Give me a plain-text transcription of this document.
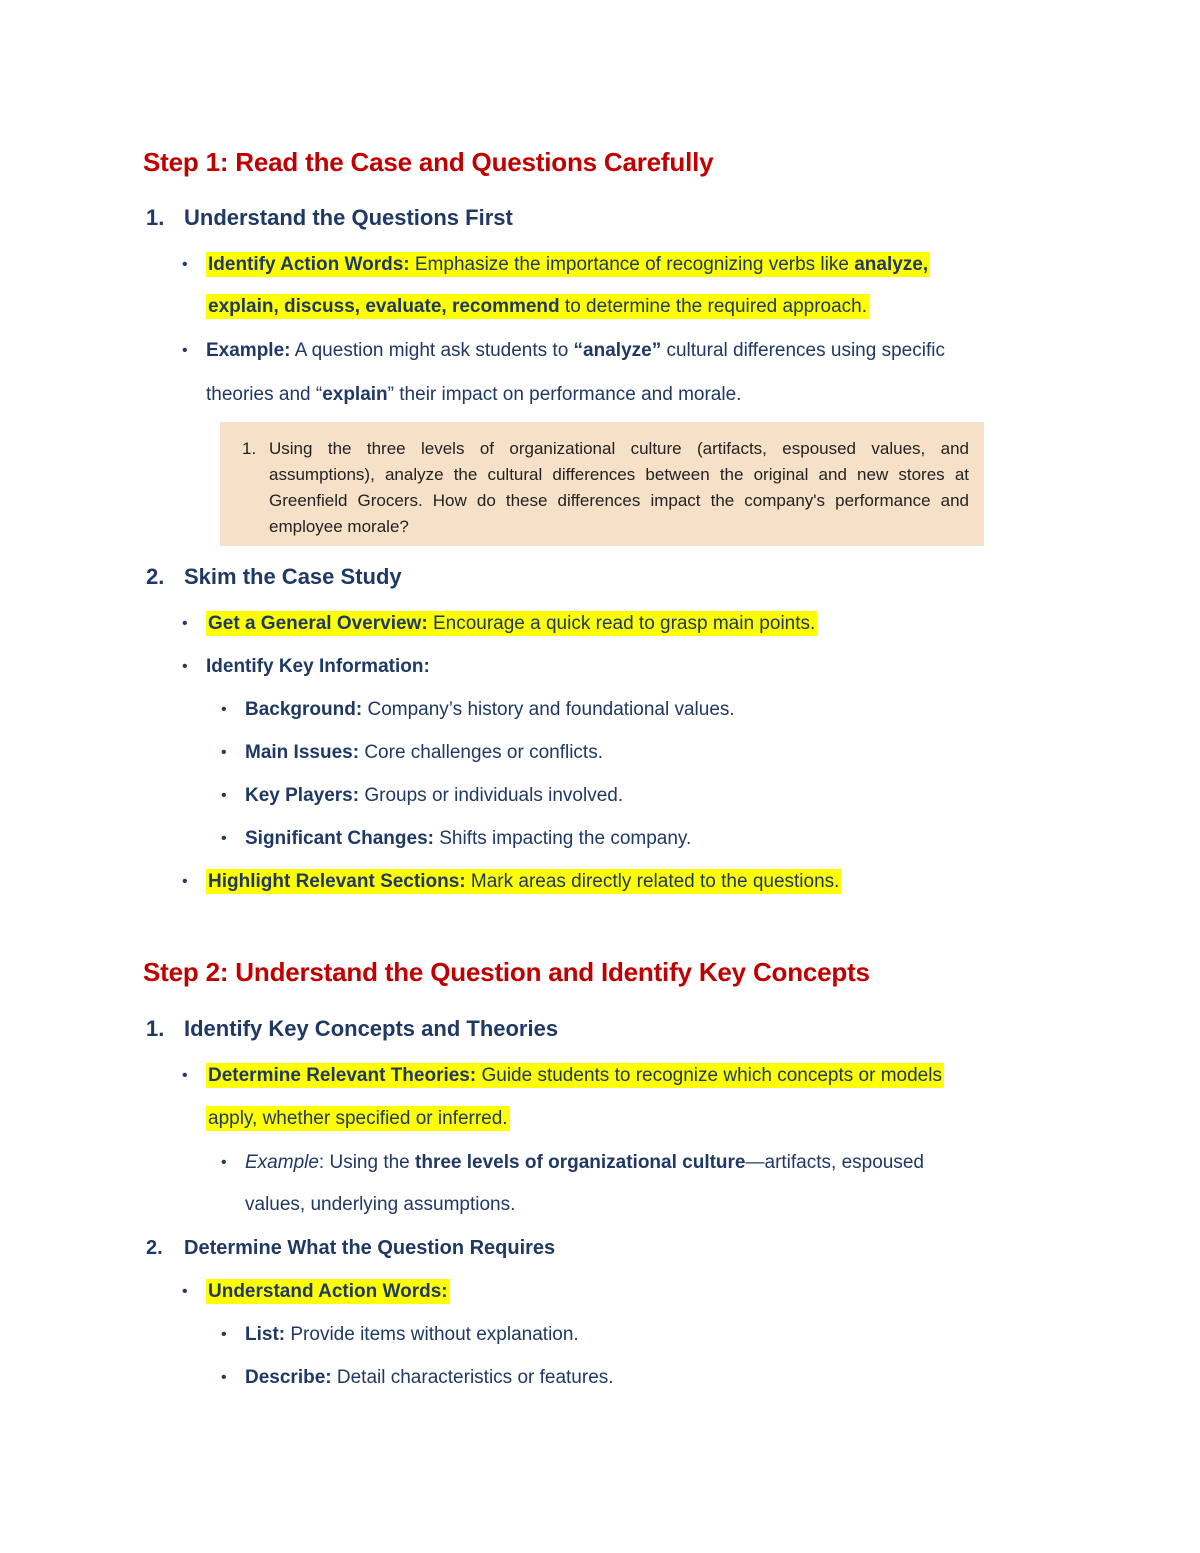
Step 1: Read the Case and Questions Carefully
1. Understand the Questions First
• Identify Action Words: Emphasize the importance of recognizing verbs like analyze,
explain, discuss, evaluate, recommend to determine the required approach.
• Example: A question might ask students to “analyze” cultural differences using specific
theories and “explain” their impact on performance and morale.
1. Using the three levels of organizational culture (artifacts, espoused values, and assumptions), analyze the cultural differences between the original and new stores at Greenfield Grocers. How do these differences impact the company's performance and employee morale?
2. Skim the Case Study
• Get a General Overview: Encourage a quick read to grasp main points.
• Identify Key Information:
• Background: Company’s history and foundational values.
• Main Issues: Core challenges or conflicts.
• Key Players: Groups or individuals involved.
• Significant Changes: Shifts impacting the company.
• Highlight Relevant Sections: Mark areas directly related to the questions.
Step 2: Understand the Question and Identify Key Concepts
1. Identify Key Concepts and Theories
• Determine Relevant Theories: Guide students to recognize which concepts or models
apply, whether specified or inferred.
• Example: Using the three levels of organizational culture—artifacts, espoused
values, underlying assumptions.
2. Determine What the Question Requires
• Understand Action Words:
• List: Provide items without explanation.
• Describe: Detail characteristics or features.
